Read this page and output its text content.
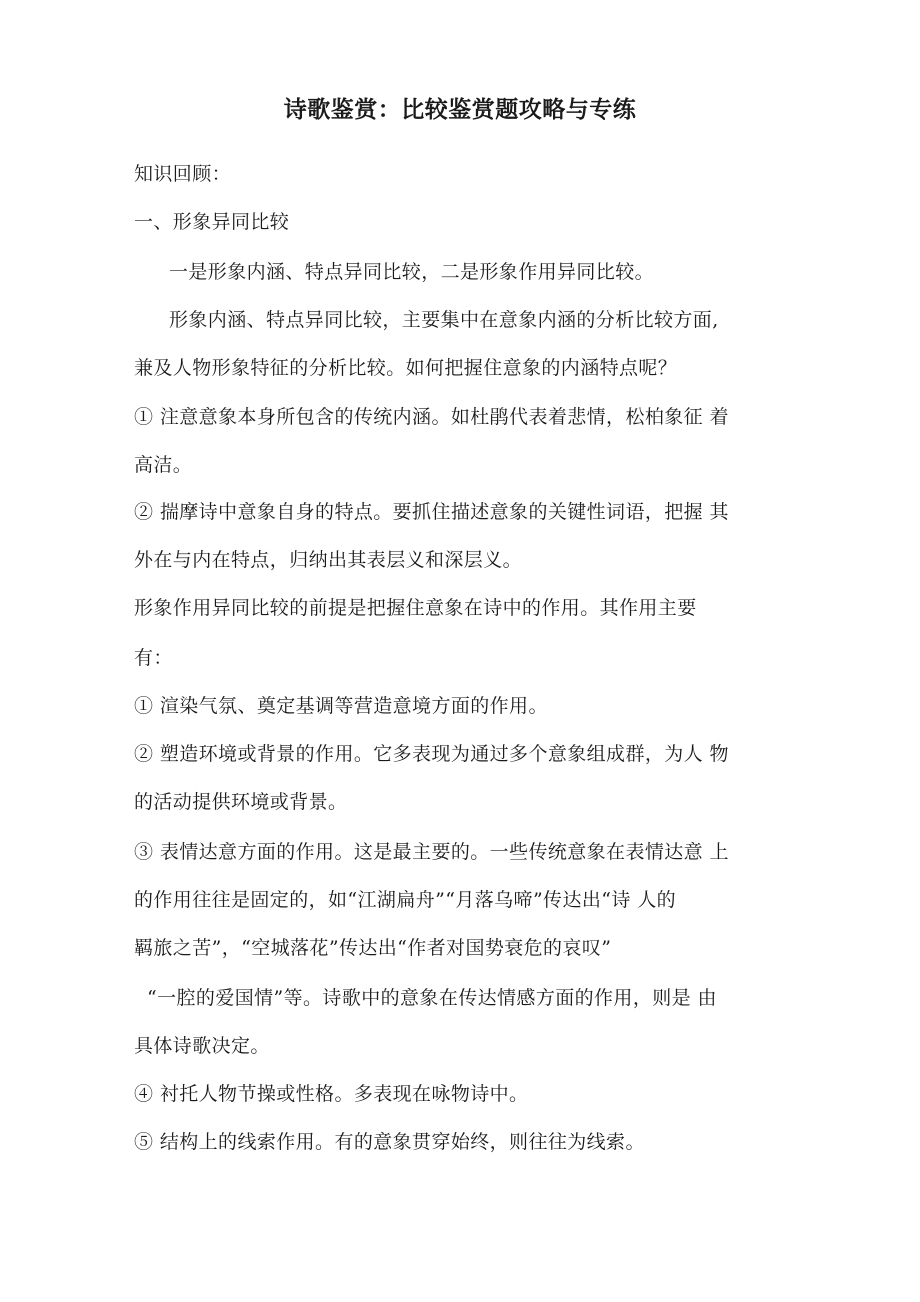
诗歌鉴赏：比较鉴赏题攻略与专练
知识回顾：
一、形象异同比较
一是形象内涵、特点异同比较，二是形象作用异同比较。
形象内涵、特点异同比较，主要集中在意象内涵的分析比较方面,
兼及人物形象特征的分析比较。如何把握住意象的内涵特点呢？
① 注意意象本身所包含的传统内涵。如杜鹃代表着悲情，松柏象征 着
高洁。
② 揣摩诗中意象自身的特点。要抓住描述意象的关键性词语，把握 其
外在与内在特点，归纳出其表层义和深层义。
形象作用异同比较的前提是把握住意象在诗中的作用。其作用主要
有：
① 渲染气氛、奠定基调等营造意境方面的作用。
② 塑造环境或背景的作用。它多表现为通过多个意象组成群，为人 物
的活动提供环境或背景。
③ 表情达意方面的作用。这是最主要的。一些传统意象在表情达意 上
的作用往往是固定的，如“江湖扁舟”“月落乌啼”传达出“诗 人的
羁旅之苦”，“空城落花”传达出“作者对国势衰危的哀叹”
“一腔的爱国情”等。诗歌中的意象在传达情感方面的作用，则是 由
具体诗歌决定。
④ 衬托人物节操或性格。多表现在咏物诗中。
⑤ 结构上的线索作用。有的意象贯穿始终，则往往为线索。
